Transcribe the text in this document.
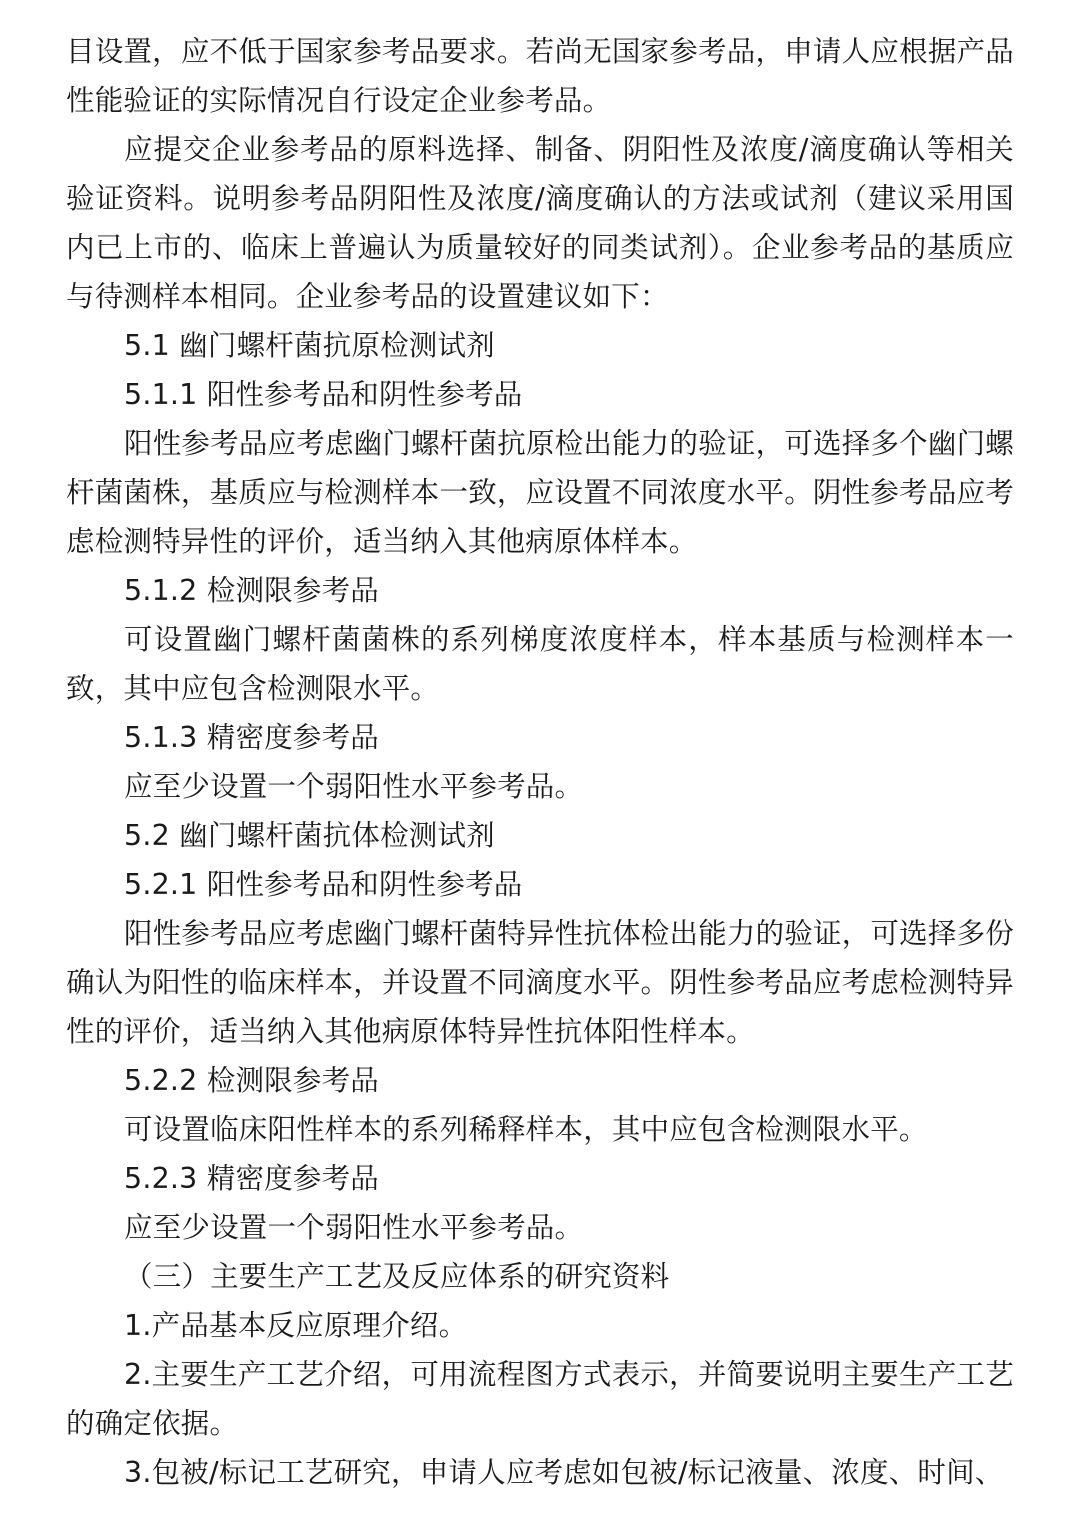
目设置，应不低于国家参考品要求。若尚无国家参考品，申请人应根据产品性能验证的实际情况自行设定企业参考品。

应提交企业参考品的原料选择、制备、阴阳性及浓度/滴度确认等相关验证资料。说明参考品阴阳性及浓度/滴度确认的方法或试剂（建议采用国内已上市的、临床上普遍认为质量较好的同类试剂）。企业参考品的基质应与待测样本相同。企业参考品的设置建议如下：

5.1 幽门螺杆菌抗原检测试剂

5.1.1 阳性参考品和阴性参考品

阳性参考品应考虑幽门螺杆菌抗原检出能力的验证，可选择多个幽门螺杆菌菌株，基质应与检测样本一致，应设置不同浓度水平。阴性参考品应考虑检测特异性的评价，适当纳入其他病原体样本。

5.1.2 检测限参考品

可设置幽门螺杆菌菌株的系列梯度浓度样本，样本基质与检测样本一致，其中应包含检测限水平。

5.1.3 精密度参考品

应至少设置一个弱阳性水平参考品。

5.2 幽门螺杆菌抗体检测试剂

5.2.1 阳性参考品和阴性参考品

阳性参考品应考虑幽门螺杆菌特异性抗体检出能力的验证，可选择多份确认为阳性的临床样本，并设置不同滴度水平。阴性参考品应考虑检测特异性的评价，适当纳入其他病原体特异性抗体阳性样本。

5.2.2 检测限参考品

可设置临床阳性样本的系列稀释样本，其中应包含检测限水平。

5.2.3 精密度参考品

应至少设置一个弱阳性水平参考品。

（三）主要生产工艺及反应体系的研究资料

1.产品基本反应原理介绍。

2.主要生产工艺介绍，可用流程图方式表示，并简要说明主要生产工艺的确定依据。

3.包被/标记工艺研究，申请人应考虑如包被/标记液量、浓度、时间、
